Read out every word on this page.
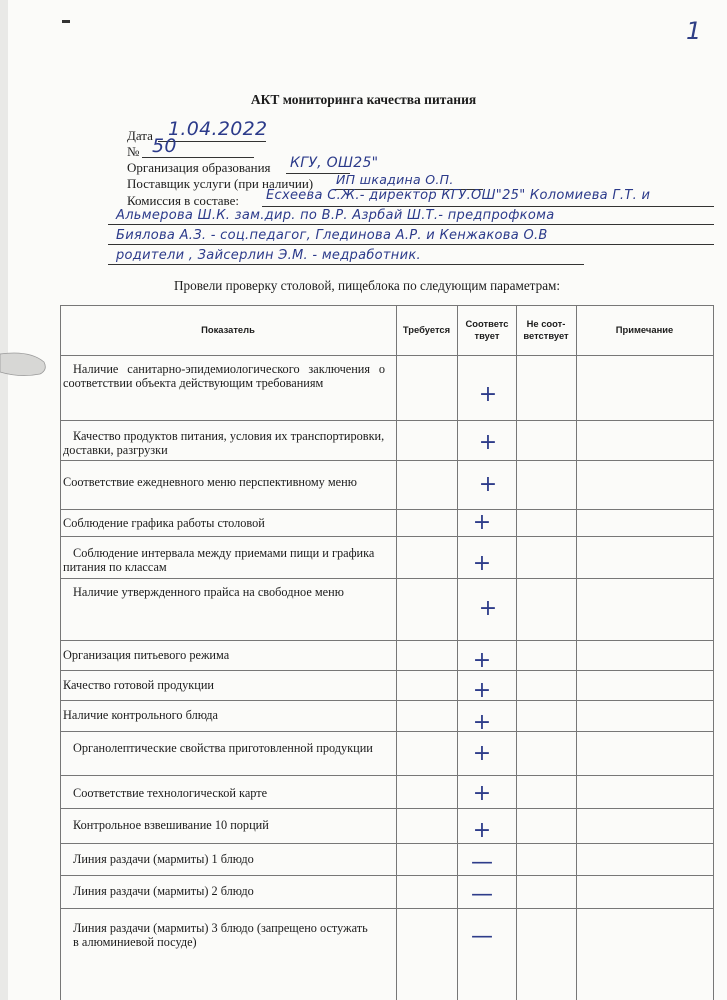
1
АКТ мониторинга качества питания
Дата 1.04.2022
№ 50
Организация образования КГУ, ОШ25"
Поставщик услуги (при наличии) ИП шкадина О.П.
Комиссия в составе: Есхеева С.Ж.- директор КГУ.ОШ"25" Коломиева Г.Т. и
Альмерова Ш.К. зам.дир. по В.Р. Азрбай Ш.Т.- предпрофкома
Биялова А.З. - соц.педагог, Глединова А.Р. и Кенжакова О.В
родители , Зайсерлин Э.М. - медработник.
Провели проверку столовой, пищеблока по следующим параметрам:
Показатель	Требуется
Соответс твует
Не соот- ветствует
Примечание
Наличие санитарно-эпидемиологического заключения о соответствии объекта действующим требованиям
Качество продуктов питания, условия их транспортировки, доставки, разгрузки
Соответствие ежедневного меню перспективному меню
Соблюдение графика работы столовой
Соблюдение интервала между приемами пищи и графика питания по классам
Наличие утвержденного прайса на свободное меню
Организация питьевого режима
Качество готовой продукции
Наличие контрольного блюда
Органолептические свойства приготовленной продукции
Соответствие технологической карте
Контрольное взвешивание 10 порций
Линия раздачи (мармиты) 1 блюдо
Линия раздачи (мармиты) 2 блюдо
Линия раздачи (мармиты) 3 блюдо (запрещено остужать в алюминиевой посуде)
+
+
+
+
+
+
+
+
+
+
+
+
—
—
—
